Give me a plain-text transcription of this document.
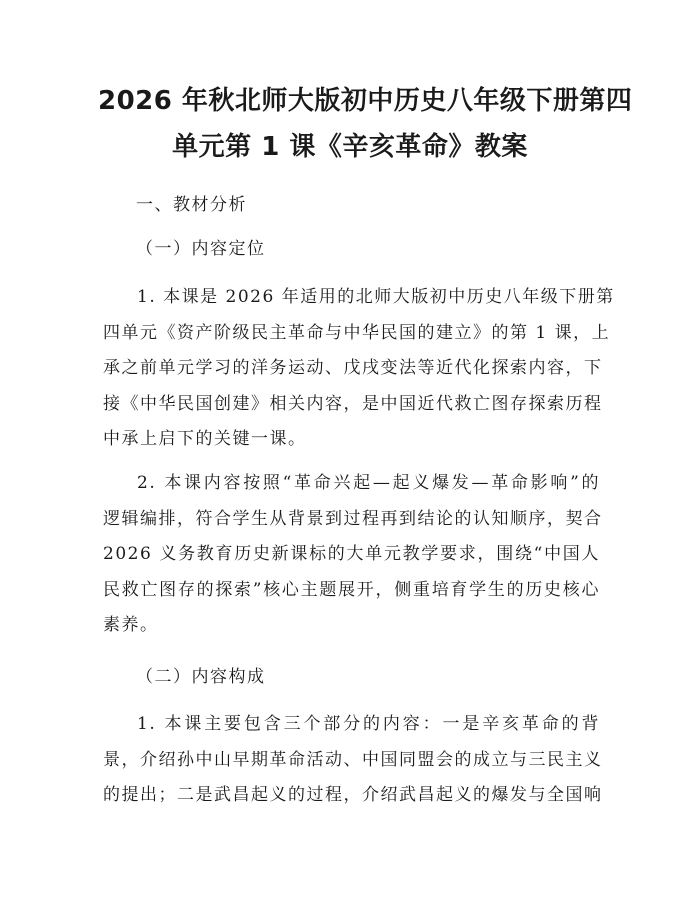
2026 年秋北师大版初中历史八年级下册第四
单元第 1 课《辛亥革命》教案
一、教材分析
（一）内容定位
1. 本课是 2026 年适用的北师大版初中历史八年级下册第
四单元《资产阶级民主革命与中华民国的建立》的第 1 课，上
承之前单元学习的洋务运动、戊戌变法等近代化探索内容，下
接《中华民国创建》相关内容，是中国近代救亡图存探索历程
中承上启下的关键一课。
2. 本课内容按照“革命兴起—起义爆发—革命影响”的
逻辑编排，符合学生从背景到过程再到结论的认知顺序，契合
2026 义务教育历史新课标的大单元教学要求，围绕“中国人
民救亡图存的探索”核心主题展开，侧重培育学生的历史核心
素养。
（二）内容构成
1. 本课主要包含三个部分的内容：一是辛亥革命的背
景，介绍孙中山早期革命活动、中国同盟会的成立与三民主义
的提出；二是武昌起义的过程，介绍武昌起义的爆发与全国响
